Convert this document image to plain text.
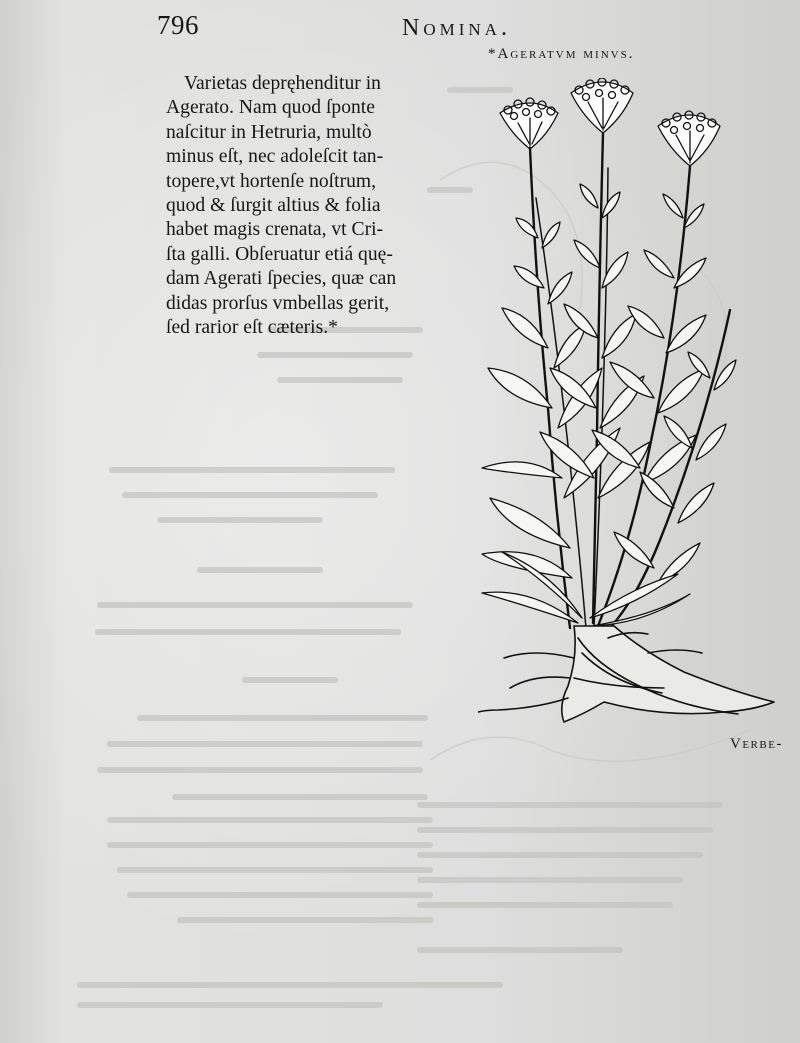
796	Nomina.
*Ageratvm minvs.
Varietas depręhenditur in
Agerato. Nam quod ſponte
naſcitur in Hetruria, multò
minus eſt, nec adoleſcit tan-
topere,vt hortenſe noſtrum,
quod & ſurgit altius & folia
habet magis crenata, vt Cri-
ſta galli. Obſeruatur etiá quę-
dam Agerati ſpecies, quæ can
didas prorſus vmbellas gerit,
ſed rarior eſt cæteris.*
Verbe-
